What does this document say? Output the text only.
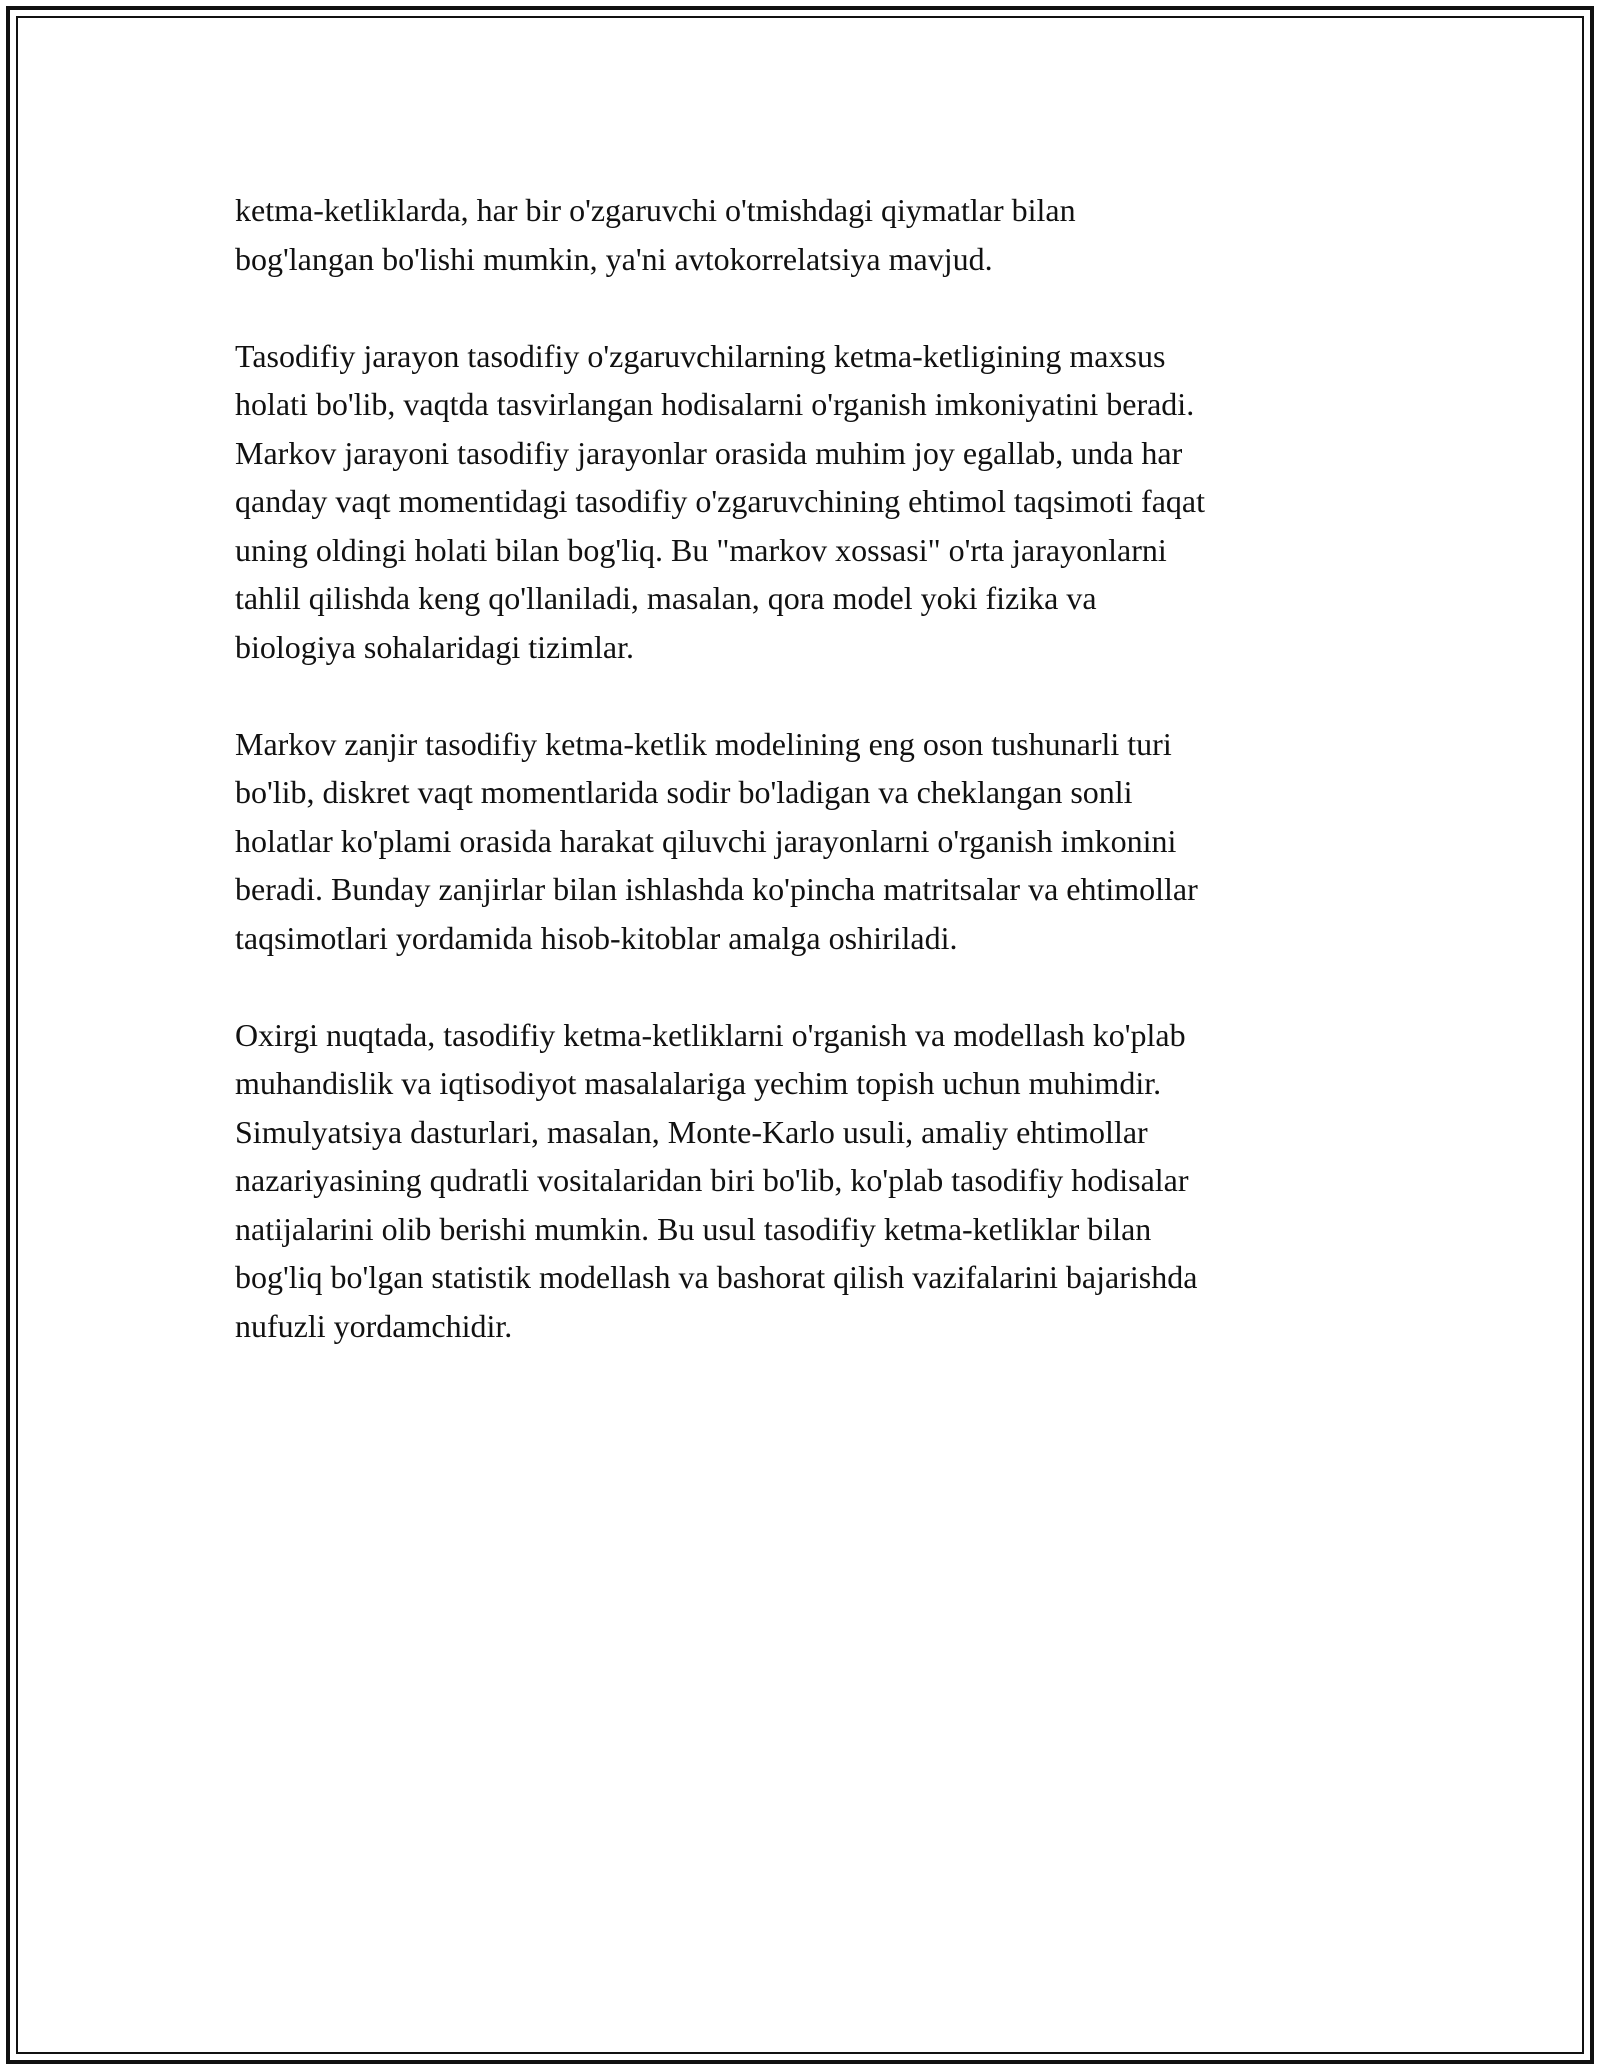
ketma-ketliklarda, har bir o'zgaruvchi o'tmishdagi qiymatlar bilan
bog'langan bo'lishi mumkin, ya'ni avtokorrelatsiya mavjud.
Tasodifiy jarayon tasodifiy o'zgaruvchilarning ketma-ketligining maxsus
holati bo'lib, vaqtda tasvirlangan hodisalarni o'rganish imkoniyatini beradi.
Markov jarayoni tasodifiy jarayonlar orasida muhim joy egallab, unda har
qanday vaqt momentidagi tasodifiy o'zgaruvchining ehtimol taqsimoti faqat
uning oldingi holati bilan bog'liq. Bu "markov xossasi" o'rta jarayonlarni
tahlil qilishda keng qo'llaniladi, masalan, qora model yoki fizika va
biologiya sohalaridagi tizimlar.
Markov zanjir tasodifiy ketma-ketlik modelining eng oson tushunarli turi
bo'lib, diskret vaqt momentlarida sodir bo'ladigan va cheklangan sonli
holatlar ko'plami orasida harakat qiluvchi jarayonlarni o'rganish imkonini
beradi. Bunday zanjirlar bilan ishlashda ko'pincha matritsalar va ehtimollar
taqsimotlari yordamida hisob-kitoblar amalga oshiriladi.
Oxirgi nuqtada, tasodifiy ketma-ketliklarni o'rganish va modellash ko'plab
muhandislik va iqtisodiyot masalalariga yechim topish uchun muhimdir.
Simulyatsiya dasturlari, masalan, Monte-Karlo usuli, amaliy ehtimollar
nazariyasining qudratli vositalaridan biri bo'lib, ko'plab tasodifiy hodisalar
natijalarini olib berishi mumkin. Bu usul tasodifiy ketma-ketliklar bilan
bog'liq bo'lgan statistik modellash va bashorat qilish vazifalarini bajarishda
nufuzli yordamchidir.
